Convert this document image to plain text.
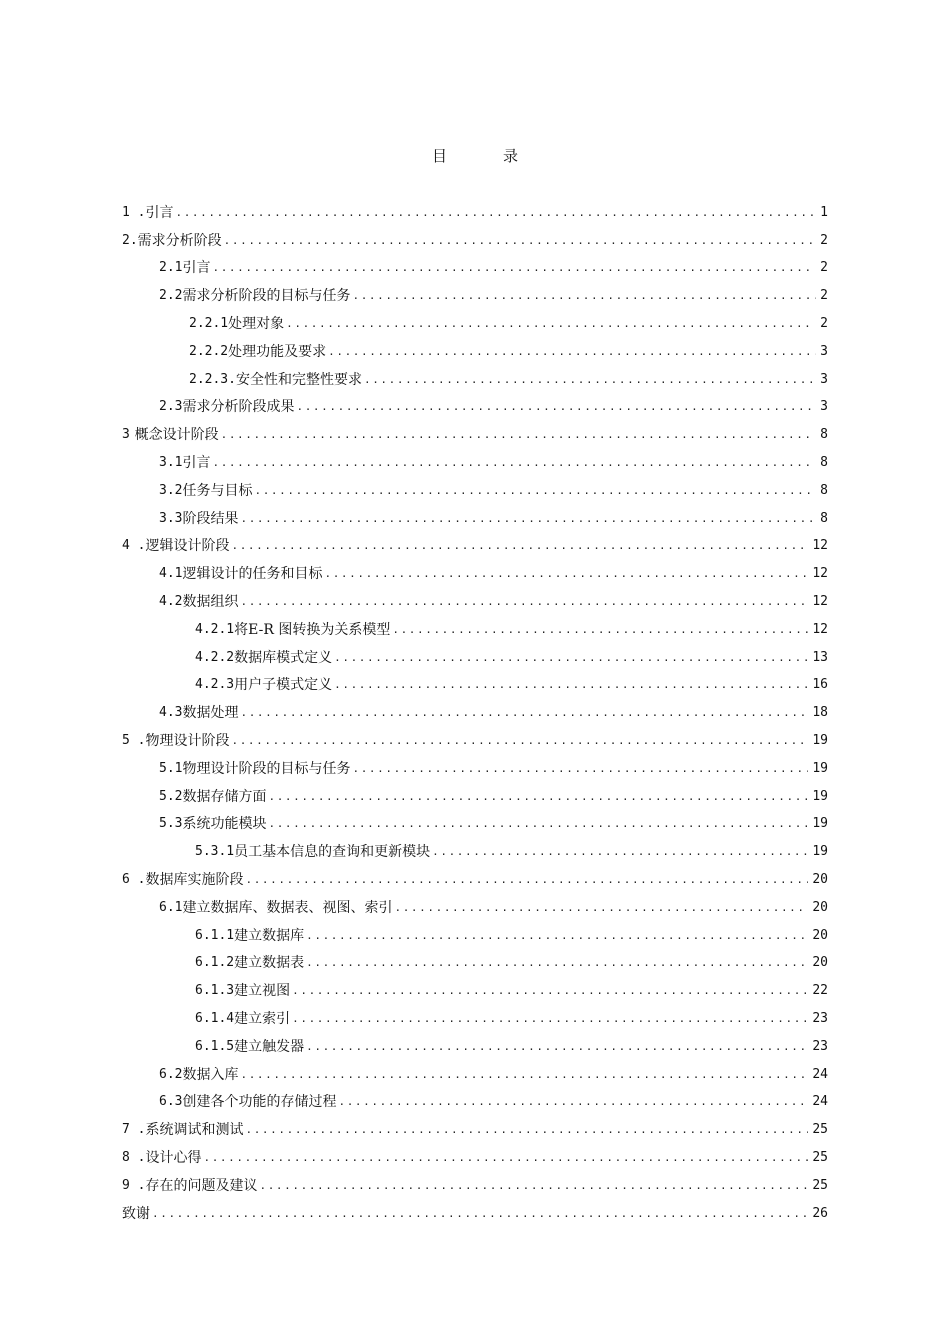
目	录
1 . 引言 .....	1
2. 需求分析阶段 .....	2
2.1 引言 .....	2
2.2 需求分析阶段的目标与任务 .....	2
2.2.1 处理对象 .....	2
2.2.2 处理功能及要求 .....	3
2.2.3. 安全性和完整性要求 .....	3
2.3 需求分析阶段成果 .....	3
3 概念设计阶段 .....	8
3.1 引言 .....	8
3.2 任务与目标 .....	8
3.3 阶段结果 .....	8
4 . 逻辑设计阶段 .....	12
4.1 逻辑设计的任务和目标 .....	12
4.2 数据组织 .....	12
4.2.1 将E-R 图转换为关系模型 .....	12
4.2.2 数据库模式定义 .....	13
4.2.3 用户子模式定义 .....	16
4.3 数据处理 .....	18
5 . 物理设计阶段 .....	19
5.1 物理设计阶段的目标与任务 .....	19
5.2 数据存储方面 .....	19
5.3 系统功能模块 .....	19
5.3.1 员工基本信息的查询和更新模块 .....	19
6 . 数据库实施阶段 .....	20
6.1 建立数据库、数据表、视图、索引 .....	20
6.1.1 建立数据库 .....	20
6.1.2 建立数据表 .....	20
6.1.3 建立视图 .....	22
6.1.4 建立索引 .....	23
6.1.5 建立触发器 .....	23
6.2 数据入库 .....	24
6.3 创建各个功能的存储过程 .....	24
7 . 系统调试和测试 .....	25
8 . 设计心得 .....	25
9 . 存在的问题及建议 .....	25
致谢 .....	26
